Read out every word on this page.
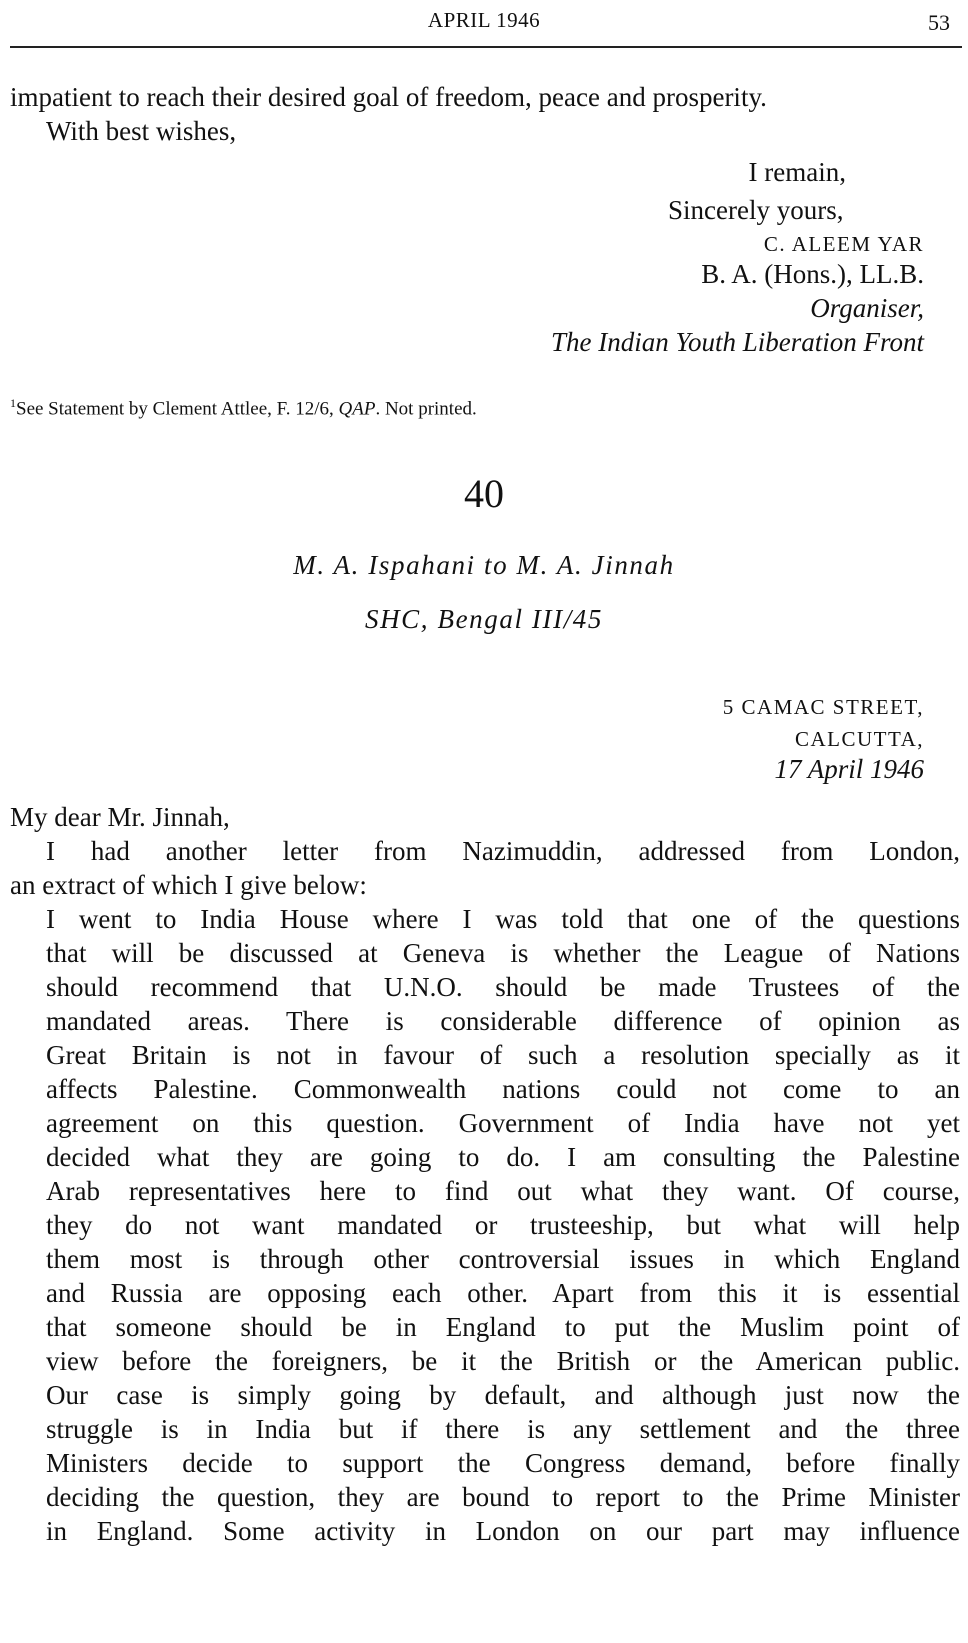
APRIL 1946	53
impatient to reach their desired goal of freedom, peace and prosperity.
With best wishes,
I remain,
Sincerely yours,
C. ALEEM YAR
B. A. (Hons.), LL.B.
Organiser,
The Indian Youth Liberation Front
$^1$See Statement by Clement Attlee, F. 12/6, QAP. Not printed.
40
M. A. Ispahani to M. A. Jinnah
SHC, Bengal III/45
5 CAMAC STREET,
CALCUTTA,
17 April 1946
My dear Mr. Jinnah,
I had another letter from Nazimuddin, addressed from London,
an extract of which I give below:
I went to India House where I was told that one of the questions
that will be discussed at Geneva is whether the League of Nations
should recommend that U.N.O. should be made Trustees of the
mandated areas. There is considerable difference of opinion as
Great Britain is not in favour of such a resolution specially as it
affects Palestine. Commonwealth nations could not come to an
agreement on this question. Government of India have not yet
decided what they are going to do. I am consulting the Palestine
Arab representatives here to find out what they want. Of course,
they do not want mandated or trusteeship, but what will help
them most is through other controversial issues in which England
and Russia are opposing each other. Apart from this it is essential
that someone should be in England to put the Muslim point of
view before the foreigners, be it the British or the American public.
Our case is simply going by default, and although just now the
struggle is in India but if there is any settlement and the three
Ministers decide to support the Congress demand, before finally
deciding the question, they are bound to report to the Prime Minister
in England. Some activity in London on our part may influence
